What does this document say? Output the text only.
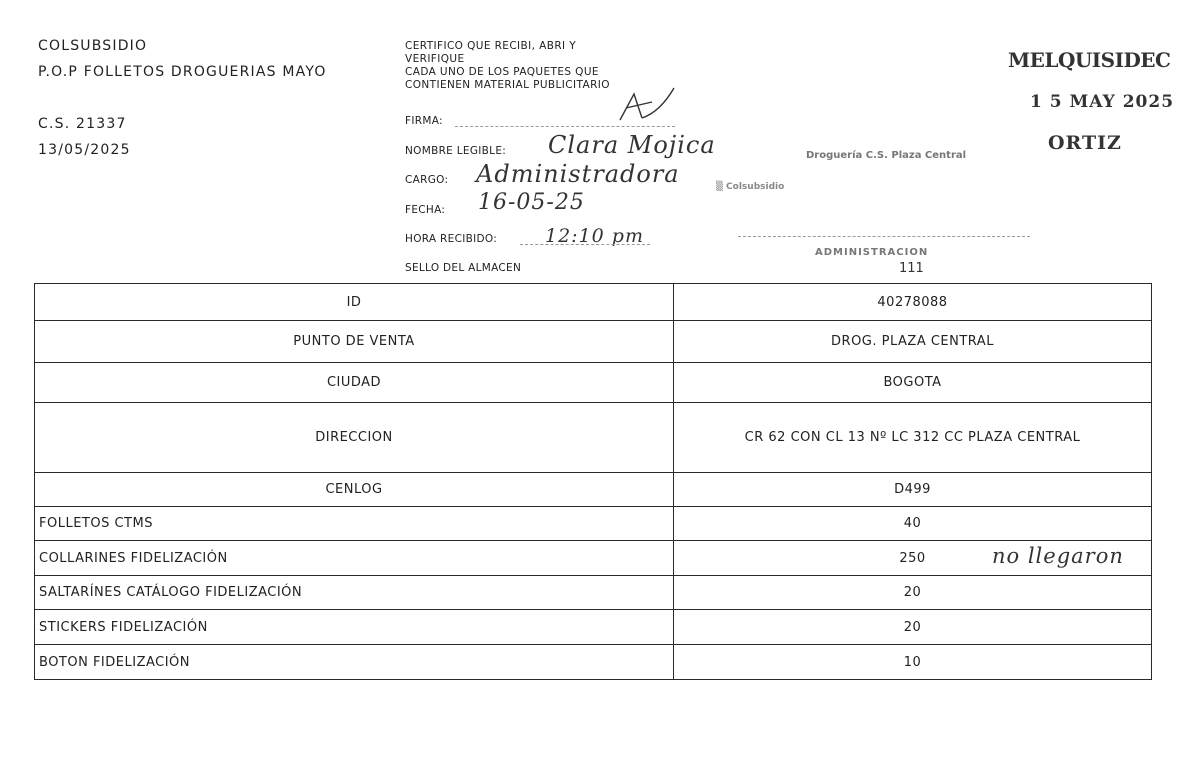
COLSUBSIDIO
P.O.P FOLLETOS DROGUERIAS MAYO
C.S. 21337
13/05/2025
CERTIFICO QUE RECIBI, ABRI Y
VERIFIQUE
CADA UNO DE LOS PAQUETES QUE
CONTIENEN MATERIAL PUBLICITARIO
FIRMA:
NOMBRE LEGIBLE: Clara Mojica
CARGO: Administradora
FECHA: 16-05-25
HORA RECIBIDO:	12:10 pm
SELLO DEL ALMACEN
MELQUISIDEC
1 5 MAY 2025
ORTIZ
Droguería C.S. Plaza Central
▒ Colsubsidio
ADMINISTRACION
111
ID	40278088
PUNTO DE VENTA	DROG. PLAZA CENTRAL
CIUDAD	BOGOTA
DIRECCION	CR 62 CON CL 13 Nº LC 312 CC PLAZA CENTRAL
CENLOG	D499
FOLLETOS CTMS	40
COLLARINES FIDELIZACIÓN	250 no llegaron

SALTARÍNES CATÁLOGO FIDELIZACIÓN	20
STICKERS FIDELIZACIÓN	20
BOTON FIDELIZACIÓN	10
